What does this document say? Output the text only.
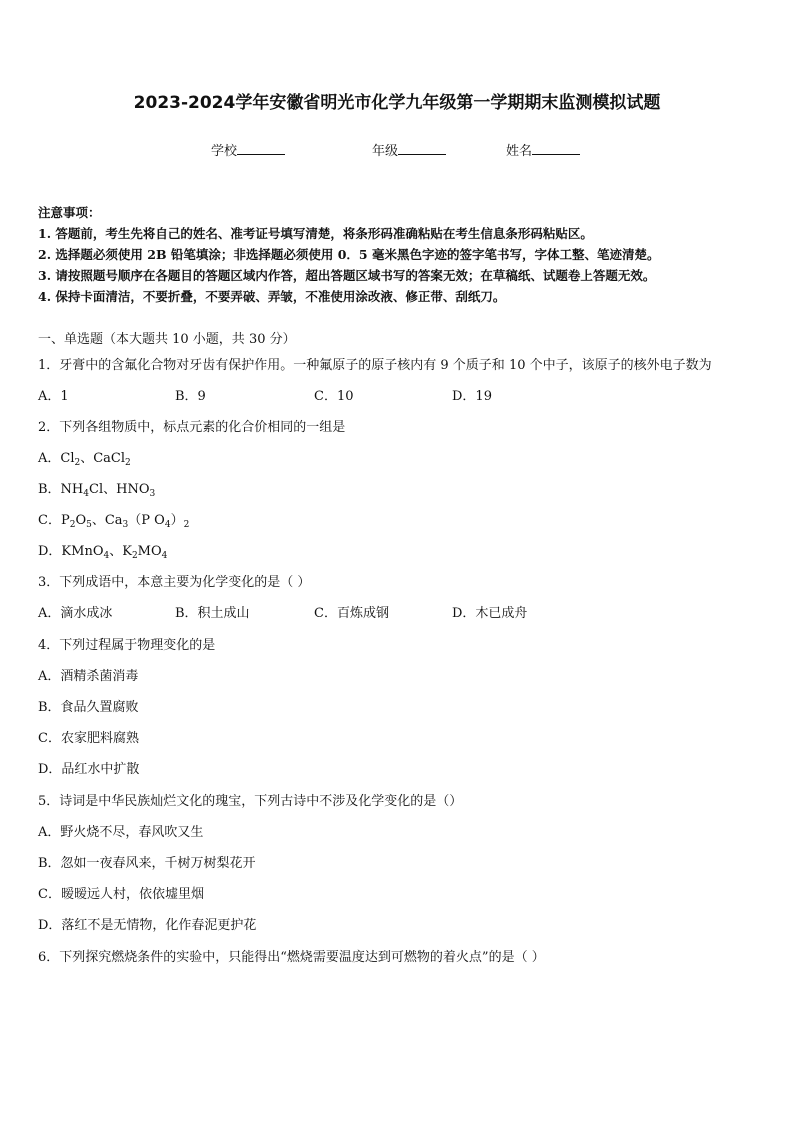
2023-2024学年安徽省明光市化学九年级第一学期期末监测模拟试题
学校	年级	姓名
注意事项：
1. 答题前，考生先将自己的姓名、准考证号填写清楚，将条形码准确粘贴在考生信息条形码粘贴区。
2. 选择题必须使用 2B 铅笔填涂；非选择题必须使用 0．5 毫米黑色字迹的签字笔书写，字体工整、笔迹清楚。
3. 请按照题号顺序在各题目的答题区域内作答，超出答题区域书写的答案无效；在草稿纸、试题卷上答题无效。
4. 保持卡面清洁，不要折叠，不要弄破、弄皱，不准使用涂改液、修正带、刮纸刀。
一、单选题（本大题共 10 小题，共 30 分）
1．牙膏中的含氟化合物对牙齿有保护作用。一种氟原子的原子核内有 9 个质子和 10 个中子，该原子的核外电子数为
A．1	B．9	C．10	D．19
2．下列各组物质中，标点元素的化合价相同的一组是
A．$Cl_2$、CaCl$_2$
B．$NH_4Cl$、$HNO_3$
C．$P_2O_5$、$Ca_3(P$ $O_4)_2$
D．KMnO$_4$、$K_2MO_4$
3．下列成语中，本意主要为化学变化的是（ ）
A．滴水成冰	B．积土成山	C．百炼成钢	D．木已成舟
4．下列过程属于物理变化的是
A．酒精杀菌消毒
B．食品久置腐败
C．农家肥料腐熟
D．品红水中扩散
5．诗词是中华民族灿烂文化的瑰宝，下列古诗中不涉及化学变化的是（）
A．野火烧不尽，春风吹又生
B．忽如一夜春风来，千树万树梨花开
C．暧暧远人村，依依墟里烟
D．落红不是无情物，化作春泥更护花
6．下列探究燃烧条件的实验中，只能得出“燃烧需要温度达到可燃物的着火点”的是（ ）
